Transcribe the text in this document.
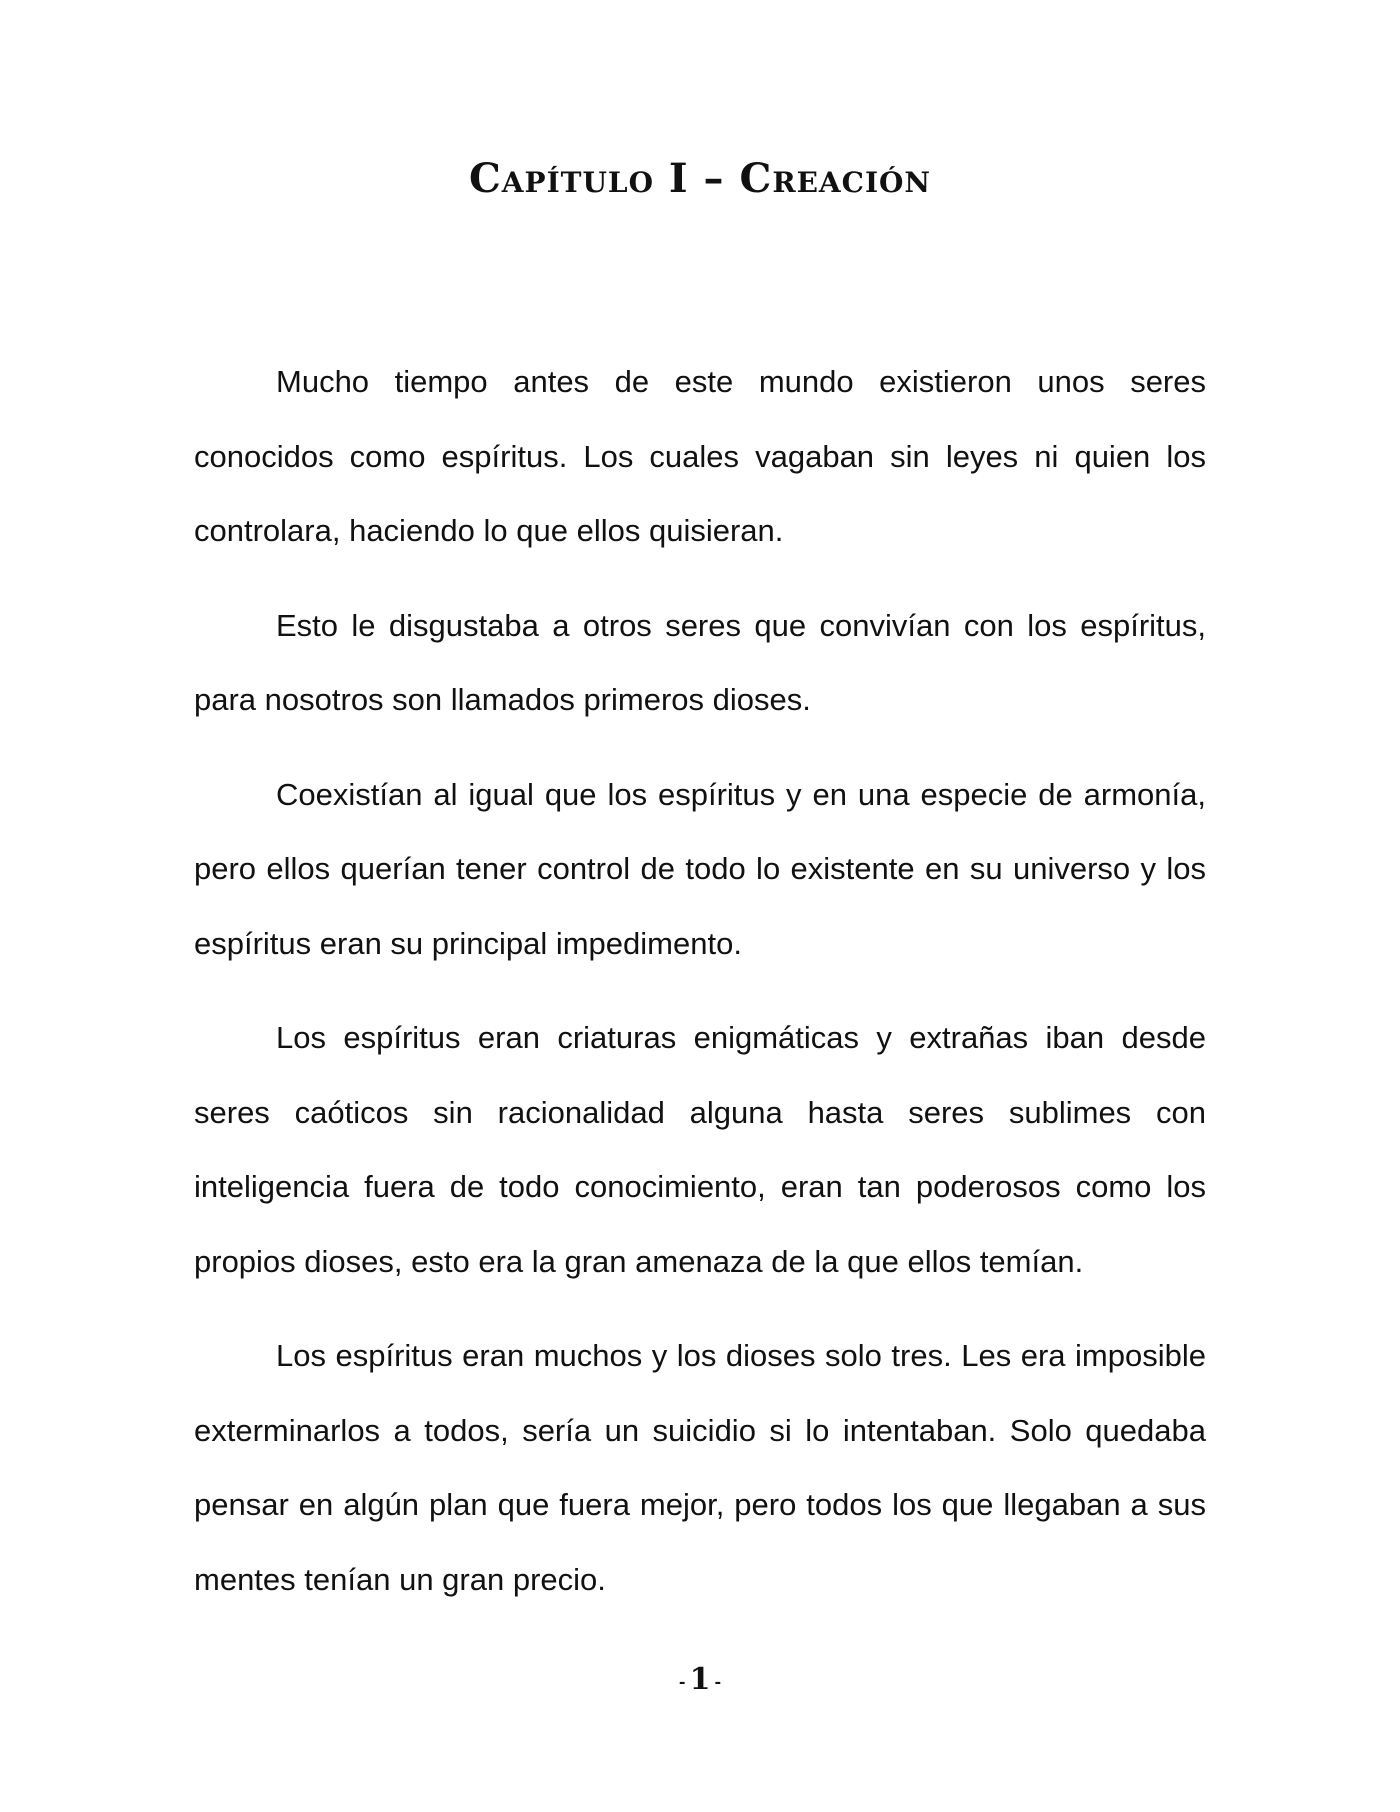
Capítulo I – Creación

Mucho tiempo antes de este mundo existieron unos seres conocidos como espíritus. Los cuales vagaban sin leyes ni quien los controlara, haciendo lo que ellos quisieran.

Esto le disgustaba a otros seres que convivían con los espíritus, para nosotros son llamados primeros dioses.

Coexistían al igual que los espíritus y en una especie de armonía, pero ellos querían tener control de todo lo existente en su universo y los espíritus eran su principal impedimento.

Los espíritus eran criaturas enigmáticas y extrañas iban desde seres caóticos sin racionalidad alguna hasta seres sublimes con inteligencia fuera de todo conocimiento, eran tan poderosos como los propios dioses, esto era la gran amenaza de la que ellos temían.

Los espíritus eran muchos y los dioses solo tres. Les era imposible exterminarlos a todos, sería un suicidio si lo intentaban. Solo quedaba pensar en algún plan que fuera mejor, pero todos los que llegaban a sus mentes tenían un gran precio.

- 1 -
